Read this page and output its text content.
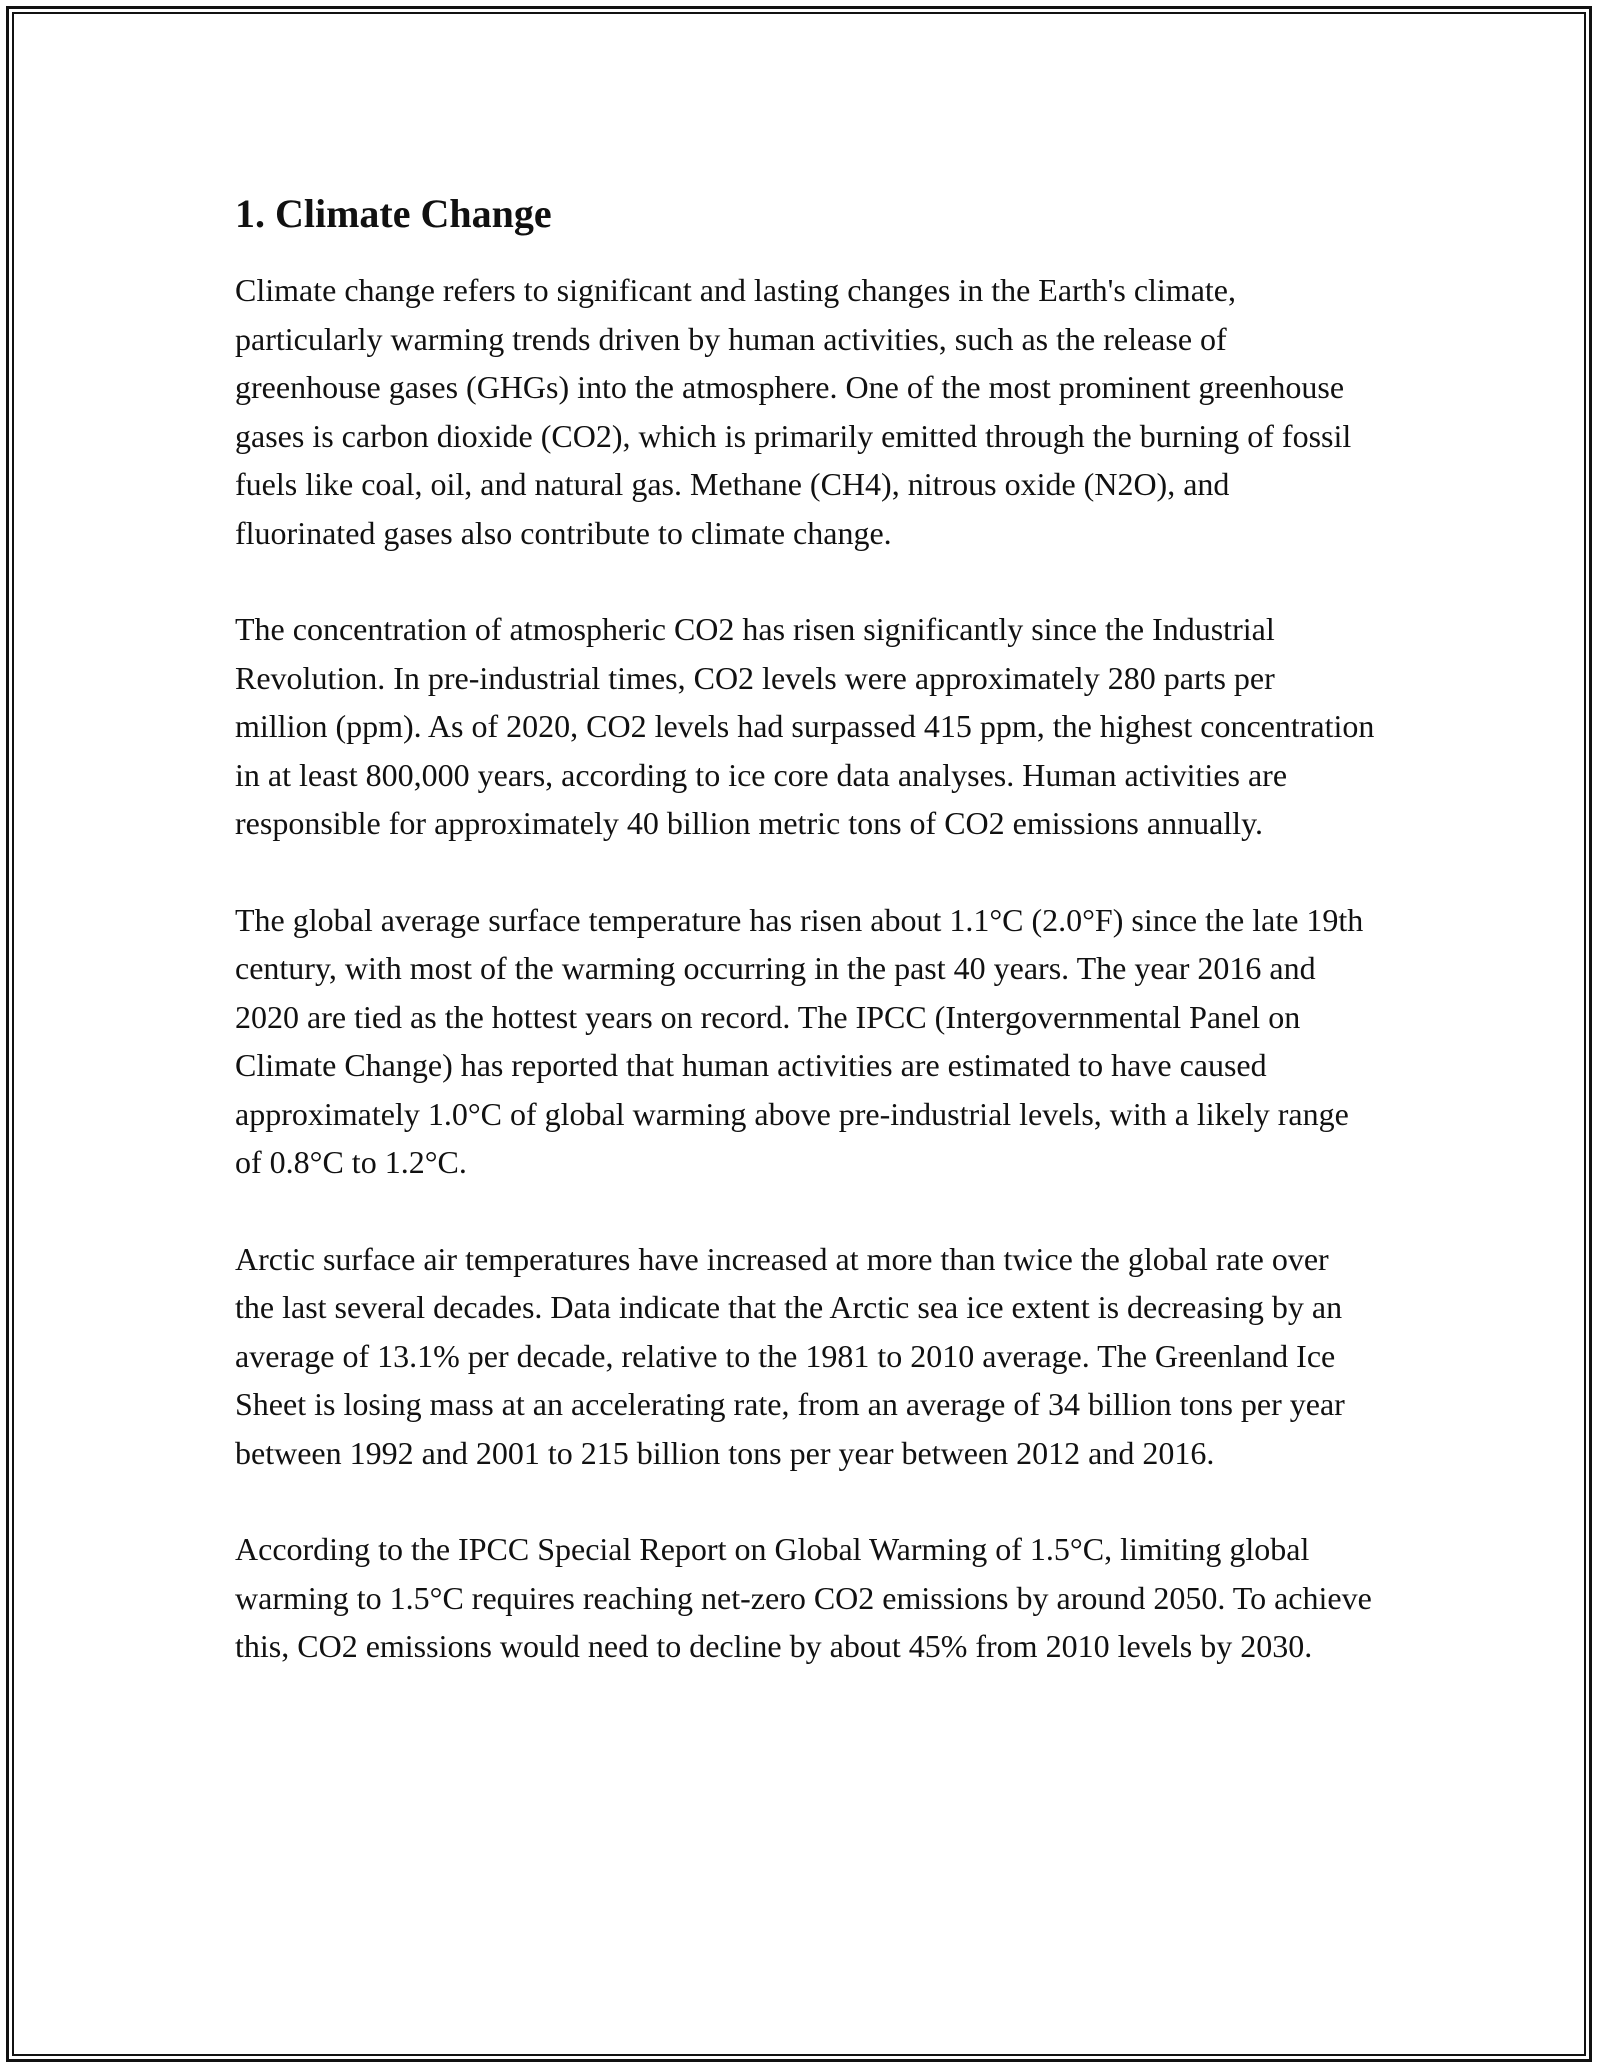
1. Climate Change

Climate change refers to significant and lasting changes in the Earth's climate, particularly warming trends driven by human activities, such as the release of greenhouse gases (GHGs) into the atmosphere. One of the most prominent greenhouse gases is carbon dioxide (CO2), which is primarily emitted through the burning of fossil fuels like coal, oil, and natural gas. Methane (CH4), nitrous oxide (N2O), and fluorinated gases also contribute to climate change.

The concentration of atmospheric CO2 has risen significantly since the Industrial Revolution. In pre-industrial times, CO2 levels were approximately 280 parts per million (ppm). As of 2020, CO2 levels had surpassed 415 ppm, the highest concentration in at least 800,000 years, according to ice core data analyses. Human activities are responsible for approximately 40 billion metric tons of CO2 emissions annually.

The global average surface temperature has risen about 1.1°C (2.0°F) since the late 19th century, with most of the warming occurring in the past 40 years. The year 2016 and 2020 are tied as the hottest years on record. The IPCC (Intergovernmental Panel on Climate Change) has reported that human activities are estimated to have caused approximately 1.0°C of global warming above pre-industrial levels, with a likely range of 0.8°C to 1.2°C.

Arctic surface air temperatures have increased at more than twice the global rate over the last several decades. Data indicate that the Arctic sea ice extent is decreasing by an average of 13.1% per decade, relative to the 1981 to 2010 average. The Greenland Ice Sheet is losing mass at an accelerating rate, from an average of 34 billion tons per year between 1992 and 2001 to 215 billion tons per year between 2012 and 2016.

According to the IPCC Special Report on Global Warming of 1.5°C, limiting global warming to 1.5°C requires reaching net-zero CO2 emissions by around 2050. To achieve this, CO2 emissions would need to decline by about 45% from 2010 levels by 2030.
